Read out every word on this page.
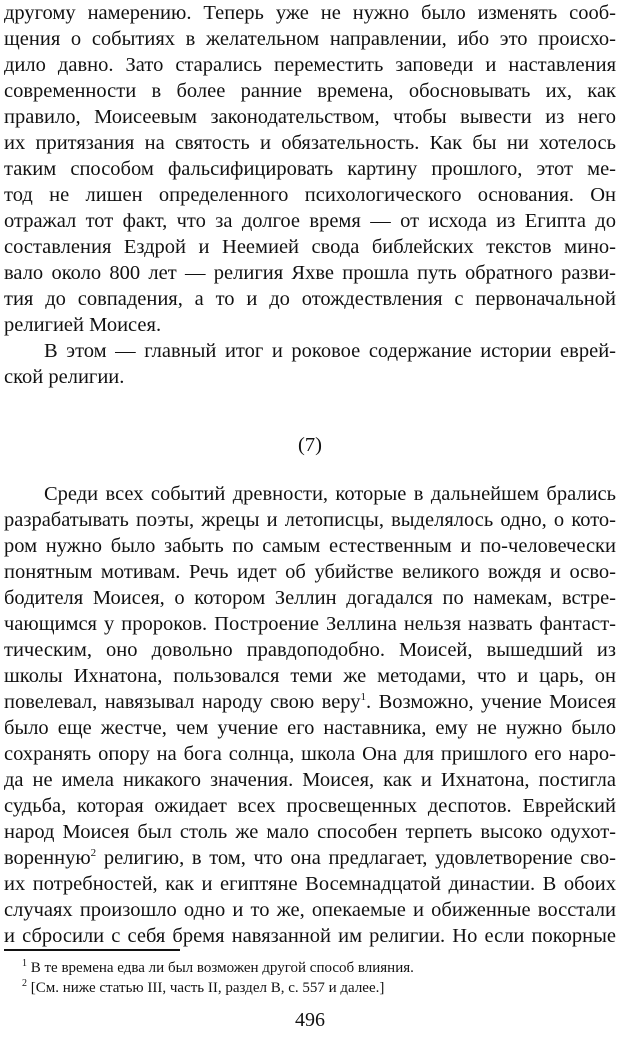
другому намерению. Теперь уже не нужно было изменять сооб-
щения о событиях в желательном направлении, ибо это происхо-
дило давно. Зато старались переместить заповеди и наставления
современности в более ранние времена, обосновывать их, как
правило, Моисеевым законодательством, чтобы вывести из него
их притязания на святость и обязательность. Как бы ни хотелось
таким способом фальсифицировать картину прошлого, этот ме-
тод не лишен определенного психологического основания. Он
отражал тот факт, что за долгое время — от исхода из Египта до
составления Ездрой и Неемией свода библейских текстов мино-
вало около 800 лет — религия Яхве прошла путь обратного разви-
тия до совпадения, а то и до отождествления с первоначальной
религией Моисея.
В этом — главный итог и роковое содержание истории еврей-
ской религии.
(7)
Среди всех событий древности, которые в дальнейшем брались
разрабатывать поэты, жрецы и летописцы, выделялось одно, о кото-
ром нужно было забыть по самым естественным и по-человечески
понятным мотивам. Речь идет об убийстве великого вождя и осво-
бодителя Моисея, о котором Зеллин догадался по намекам, встре-
чающимся у пророков. Построение Зеллина нельзя назвать фантаст-
тическим, оно довольно правдоподобно. Моисей, вышедший из
школы Ихнатона, пользовался теми же методами, что и царь, он
повелевал, навязывал народу свою веру$^1$. Возможно, учение Моисея
было еще жестче, чем учение его наставника, ему не нужно было
сохранять опору на бога солнца, школа Она для пришлого его наро-
да не имела никакого значения. Моисея, как и Ихнатона, постигла
судьба, которая ожидает всех просвещенных деспотов. Еврейский
народ Моисея был столь же мало способен терпеть высоко одухот-
воренную$^2$ религию, в том, что она предлагает, удовлетворение сво-
их потребностей, как и египтяне Восемнадцатой династии. В обоих
случаях произошло одно и то же, опекаемые и обиженные восстали
и сбросили с себя бремя навязанной им религии. Но если покорные
$^1$ В те времена едва ли был возможен другой способ влияния.
$^2$ [См. ниже статью III, часть II, раздел В, с. 557 и далее.]
496
